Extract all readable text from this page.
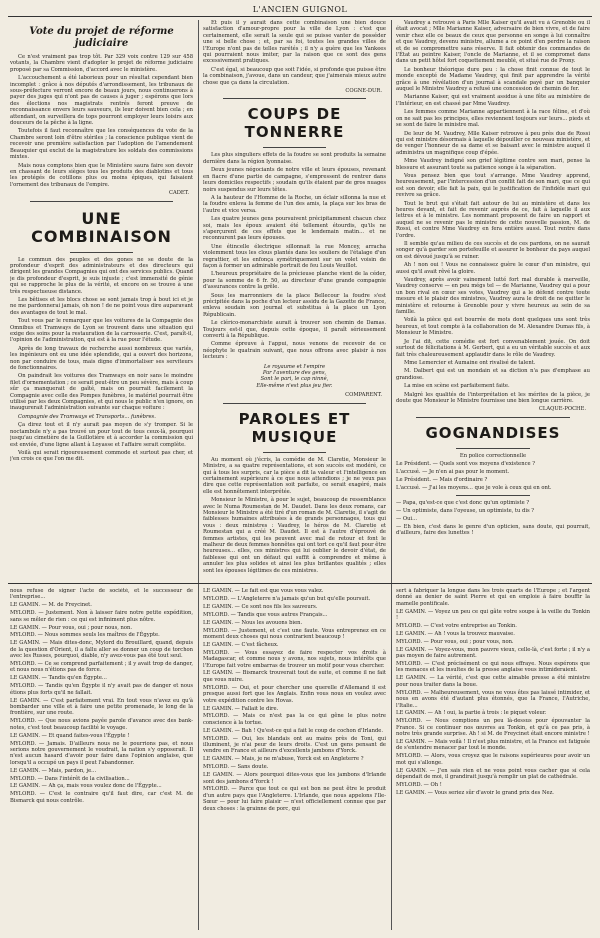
L'ANCIEN GUIGNOL
Vote du projet de réforme judiciaire

Ce n'est vraiment pas trop tôt. Par 329 voix contre 129 sur 458 votants, la Chambre vient d'adopter le projet de réforme judiciaire proposé par sa Commission, d'accord avec le ministère.

L'accouchement a été laborieux pour un résultat cependant bien incomplet : grâce à nos députés d'arrondissement, les tribunaux de sous-préfecture verront encore de beaux jours, nous continuerons à payer des juges qui n'ont pas de causes à juger ; espérons que lors des élections nos magistrats rentrés feront preuve de reconnaissance envers leurs sauveurs, ils leur doivent bien cela ; en attendant, on surveillera de tops pourront employer leurs loisirs aux douceurs de la pêche à la ligne.

Toutefois il faut reconnaître que les conséquences du vote de la Chambre seront loin d'être stériles ; la conscience publique vient de recevoir une première satisfaction par l'adoption de l'amendement Beauquier qui exclut de la magistrature les soldats des commissions mixtes.

Mais nous comptons bien que le Ministère saura faire son devoir en chassant de leurs sièges tous les produits des diablotins et tous les protégés de cotillons plus ou moins épiques, qui faisaient l'ornement des tribunaux de l'empire.

CADET.
UNE COMBINAISON

Le commun des peuples et des gones ne se doute de la profondeur d'esprit des administrateurs et des directeurs qui dirigent les grandes Compagnies qui ont des services publics. Quand je dis profondeur d'esprit, je suis injuste ; c'est immensité de génie qui se rapproche le plus de la vérité, et encore on se trouve à une très respectueuse distance.

Les bêtises et les blocs chose se sont jamais trop à bout ici et je ne me pardonnerai jamais, oh non ! de ne point vous dire auparavant des avantages de tout le mal.

Tout vous par le remarquer que les voitures de la Compagnie des Omnibus et Tramways de Lyon se trouvent dans une situation qui exige des soins pour la restauration de la carrosserie. C'est, paraît-il, l'opinion de l'administration, qui est à la rue pour l'étude.

Après de long travaux de recherche aussi nombreux que variés, les ingénieurs ont eu une idée splendide, qui a ouvert des horizons, non par conduire de tous, mais digne d'immortaliser ses serviteurs de fonctionnaires.

On paindrait les voitures des Tramways en noir sans le moindre filet d'ornementation ; ce serait peut-être un peu sévère, mais à coup sûr ça manquerait de gaîté, mais on pourrait facilement la Compagnie avec celle des Pompes funèbres, le matériel pourrait être utilisé par les deux Compagnies, et qui nous le public n'en ignore, on inaugurerait l'administration suivante sur chaque voiture :

Compagnie des Tramways et Transports... funèbres.

Ça direz tout et il n'y aurait pas moyen de s'y tromper. Si le noctambule n'y a pas trouvé un pour tout de tous ceux-là, pourquoi jusqu'au cimetière de la Guillotière et à accorder la commission qui est enviée, d'une ligne allant à Loyasse et l'affaire serait complète.

Voilà qui serait rigoureusement commode et surtout pas cher, et j'en crois ce que l'on me dit.

Et puis il y aurait dans cette combinaison une bien douce satisfaction d'amour-propre pour la ville de Lyon : c'est que certainement, elle serait la seule qui se puisse vanter de posséder une si belle chose ; et, par sa foi, toutes les grandes villes de l'Europe n'ont pas de telles rarétés ; il n'y a guère que les Yankees qui pourraient nous imiter, par la raison que ce sont des gens excessivement pratiques.

C'est égal, si beaucoup que soit l'idée, si profonde que puisse être la combinaison, j'avoue, dans un candeur, que j'aimerais mieux autre chose que ça dans la circulation.

COGNE-DUR.
COUPS DE TONNERRE

Les plus singuliers effets de la foudre se sont produits la semaine dernière dans la région lyonnaise.

Deux jeunes négociants de notre ville et leurs épouses, revenant en fiacre d'une partie de campagne, s'empressent de rentrer dans leurs domiciles respectifs ; soudain qu'ils étaient par de gros nuages noirs suspendus sur leurs têtes.

A la hauteur de l'Homme de la Roche, un éclair sillonna la nue et la foudre enleva la femme de l'un des amis, la plaça sur les bras de l'autre et vice versa.

Les quatre jeunes gens poursuivent précipitamment chacun chez soi, mais les époux avaient été tellement étourdis, qu'ils ne s'aperçurent de ces effets que le lendemain matin... et ne reconnurent pas leurs épouses.

Une étincelle électrique sillonnait la rue Moncey, arracha violemment tous les clous plantés dans les souliers de l'étalage d'un regrattier, et les enfonça symétriquement sur un volet voisin de façon à former un admirable portrait de feu Louis Veuillot.

L'heureux propriétaire de la précieuse planche vient de la céder, pour la somme de 6 fr. 50, au directeur d'une grande compagnie d'assurances contre la grêle.

Sous les marronniers de la place Bellecour la foudre s'est précipitée dans la poche d'un lecteur assidu de la Gazette de France, enleva soudain son journal et substitua à la place un Lyon Républicain.

Le clérico-monarchiste aurait à trouver son chemin de Damas. Toujours est-il que, depuis cette époque, il paraît sérieusement converti à la République.

Comme épreuve à l'appui, nous venons de recevoir de ce néophyte le quatrain suivant, que nous offrons avec plaisir à nos lecteurs :

Le royaume et l'empire
Par l'aventure des gens,
Sont le pari, le cap ninné,
Elle-même n'est plus jeu fier.
COMPARENT.
PAROLES ET MUSIQUE

Au moment où j'écris, la comédie de M. Claretie, Monsieur le Ministre, a sa quatre représentations, et son succès est modéré, ce qui à tous les surpris, car la pièce a dit la valeur et l'intelligence en certainement supérieure à ce que nous attendions ; je ne veux pas dire que cette représentation soit parfaite, ce serait exagéré, mais elle est honnêtement interprétée.

Monsieur le Ministre, à pour le sujet, beaucoup de ressemblance avec le Numa Roumestan de M. Daudet. Dans les deux romans, car Monsieur le Ministre a été tiré d'un roman de M. Claretie, il s'agit de faiblesses humaines attribuées à de grands personnages, tous qui vous : deux ministres : Vaudrey, le héros de M. Claretie et Roumestan qui a créé M. Daudet. Il est à l'autre d'éprouvé de femmes artistes, qui les peuvent avec mal de retour et font le malheur de deux femmes honnêtes qui ont tort ce qu'il faut pour être heureuses... elles, ces ministres qui lui oublier le devoir d'état, de faiblesse qui ont un défaut qui suffit à comprendre et même à annuler les plus solides et ainsi les plus brillantes qualités ; elles sont les épouses légitimes de ces ministres.

Vaudrey a retrouvé à Paris Mlle Kaiser qu'il avait vu à Grenoble ou il était avocat ; Mlle Marianne Kaiser, adversaire de bien vivre, et de faire venir chez elle ce beaux de ceux que personne en songe à lui connaître et que Vaudrey, devenu ministre, allume a ce point d'en perdre la raison et de se compromettre sans réserve. Il fait obtenir des commandes de l'État au peintre Kaiser, l'oncle de Marianne, et il se compromet dans dans un petit hôtel fort coquettement meublé, et situé rue de Prony.

Le bonheur théorique dure peu : la chose finit connue de tout le monde excepté de Madame Vaudrey, qui finit par apprendre la vérité grâce à une révélation d'un journal à scandale payé par un banquier auquel le Ministre Vaudrey a refusé une concession de chemin de fer.

Marianne Kaiser, qui est vraiment assidue à une fête au ministère de l'Intérieur, en est chassé par Mme Vaudrey.

Les femmes comme Marianne appartiennent à la race féline, et d'où on ne sait pas les principes, elles reviennent toujours sur leurs... pieds et se sont de faire le ministre mal.

De leur de M. Vaudrey, Mlle Kaiser retrouve à peu près due de Rossi qui est ministre désormais à laquelle dépouiller ce nouveau ministère, et de venger l'honneur de sa dame et se baisant avec le ministre auquel il administra un magnifique coup d'épée.

Mme Vaudrey indigné son grief légitime contre son mari, pense la blessure et assurant toute sa patience songe à la séparation.

Vous pensez bien que tout s'arrange. Mme Vaudrey apprend, heureusement, par l'intercession d'un conflit fait de son mari, que ce qui est son devoir, elle fait la paix, qui le justification de l'infidèle mari qui revivre sa grâce.

Tout le brut qui s'était fait autour de lui au ministère et dans les heures devant, et fait de revenir auprès de ce, fait à laquelle il aux lettres et à le ministre. Les nommant proposent de faire un rapport et auquel ne se revenir pas le ministre de cette nouvelle passion, M. de Rossi, et contre Mme Vaudrey en fera entière aussi. Tout rentre dans l'ordre.

Il semble qu'au milieu de ces succès et de ces pardons, on ne saurait songer qu'à garder son portefeuille et assurer le bonheur du pays auquel on est dévoué jusqu'à se ruiner.

Ah ! non oui ! Vous ne connaissez guère le cœur d'un ministre, qui aussi qu'il avait rêvé la gloire.

Vaudrey, après avoir vainement lutté fort mal durable à merveille, Vaudrey conserve — en peu mégs tel — de Marianne, Vaudrey qui a pour un bon rival en cœur ses votes, Vaudrey qui a le défend contre toute mesure et le plaisir des ministres, Vaudrey aura le droit de ne quitter le ministère et retourne à Grenoble pour y vivre heureux au sein de sa famille.

Voilà la pièce qui est bourrée de mots dont quelques uns sont très heureux, et tout compte à la collaboration de M. Alexandre Dumas fils, à Monsieur le Ministre.

Je l'ai dit, cette comédie est fort convenablement jouée. On doit surtout de félicitations à M. Gerbert, qui a eu un véritable succès et aux fait très chaleureusement applaudir dans le rôle de Vaudrey.

Mme Lemercier et Aumaine ont rivalisé de talent.

M. Dalbert qui est un mondain et sa diction n'a pas d'emphase au grandiose.

La mise en scène est parfaitement faite.

Malgré les qualités de l'interprétation et les mérites de la pièce, je doute que Monsieur le Ministre fournisse une bien longue carrière.

CLAQUE-POCHE.
GOGNANDISES
En police correctionnelle

Le Président. — Quels sont vos moyens d'existence ?

L'accusé. — Je n'en ai pas pour le moment.

Le Président. — Mais d'ordinaire ?

L'accusé. — J'ai les moyens... que je vole à ceux qui en ont.

— Papa, qu'est-ce que c'est donc qu'un optimiste ?

— Un optimiste, dans l'oyeuse, un optimiste, tu dis ?

— Oui...

— Eh bien, c'est dans le genre d'un opticien, sans doute, qui pourrait, d'ailleurs, faire des lunettes !

nous refuse de signer l'acte de société, et le successeur de l'entreprise...

LE GAMIN. — M. de Freycinet.

MYLORD. — Justement. Non à laisser faire notre petite expédition, sans se mêler de rien : ce qui est infiniment plus nôtre.

LE GAMIN. — Pour vous, oui ; pour nous, non.

MYLORD. — Nous sommes seuls les maîtres de l'Égypte.

LE GAMIN. — Mais dites-donc, Mylord du Brouillard, quand, depuis de la question d'Orient, il a fallu aller se donner un coup de torchon avec les Russes, pourquoi, diable, n'y avez-vous pas été tout seul.

MYLORD. — Ce se comprend parfaitement ; il y avait trop de danger, et nous nous n'étions pas de force.

LE GAMIN. — Tandis qu'en Égypte...

MYLORD. — Tandis qu'en Égypte il n'y avait pas de danger et nous étions plus forts qu'il ne fallait.

LE GAMIN. — C'est parfaitement vrai. En tout vous n'avez eu qu'à bombarder une ville et à faire une petite promenade, le long de la frontière, sur une route.

MYLORD. — Que nous avions payée parole d'avance avec des bank-notes, c'est tout beaucoup facilité le voyage.

LE GAMIN. — Et quand faites-vous l'Égypte !

MYLORD. — Jamais. D'ailleurs nous ne le pourrions pas, et nous serions notre gouvernement le voudrait, la nation s'y opposerait. Il n'est aucun hasard d'avoir pour faire dans l'opinion anglaise, que lorsqu'il a occupé un pays il peut l'abandonner.

LE GAMIN. — Mais, pardon, je...

MYLORD. — Dans l'intérêt de la civilisation...

LE GAMIN. — Ah ça, mais vous voulez donc de l'Égypte...

MYLORD. — C'est le contraire qu'il faut dire, car c'est M. de Bismarck qui nous contrôle.

LE GAMIN. — Le fait est que vous vous valez.

MYLORD. — L'Angleterre n'a jamais qu'un but qu'elle poursuit.

LE GAMIN. — Ce sont nos fils les sauveurs.

MYLORD. — Tandis que vous autres Français...

LE GAMIN. — Nous les avouons bien.

MYLORD. — Justement, et c'est une faute. Vous entreprenez en ce moment deux choses qui nous contrarient beaucoup !

LE GAMIN. — C'est fâcheux.

MYLORD. — Vous essayez de faire respecter vos droits à Madagascar, et comme nous y avons, nos sujets, nous intérêts que l'Europe fait votre embarras de trouver un motif pour vous chercher.

LE GAMIN. — Bismarck trouverait tout de suite, et comme il ne fait que vous nuire.

MYLORD. — Oui, et pour chercher une querelle d'Allemand il est presque aussi fort que les Anglais. Enfin vous nous en voulez avec votre expédition contre les Hovas.

LE GAMIN. — Fallait le dire.

MYLORD. — Mais ce n'est pas la ce qui gêne le plus notre conscience à la tortue.

LE GAMIN. — Bah ! Qu'est-ce qui a fait le coup de cochon d'Irlande.

MYLORD. — Oui, les blandais ont au mains près de Toni, qui illuminent, je n'ai peur de leurs droits. C'est un gens pensant de vendre en France et ailleurs d'excellents jambons d'Yorck.

LE GAMIN. — Mais, je ne m'abuse, Yorck est en Angleterre ?

MYLORD. — Sans doute.

LE GAMIN. — Alors pourquoi dites-vous que les jambons d'Irlande sont des jambons d'Yorck !

MYLORD. — Parce que tout ce qui est bon ne peut être le produit d'un autre pays que l'Angleterre. L'Irlande, que nous appelons l'Ile-Sœur — pour lui faire plaisir — n'est officiellement connue que par deux choses : la grainne de porc, qui

sert à fabriquer la longue dans les trois quarts de l'Europe ; et l'argent donné au denier de saint Pierre et qui en emploie à faire bouffir la mamelle pontificale.

LE GAMIN. — Voyez un peu ce qui gâte votre soupe à la veille du Tonkin !

MYLORD. — C'est votre entreprise au Tonkin.

LE GAMIN. — Ah ! vous la trouvez mauvaise.

MYLORD. — Pour vous, oui ; pour vous, non.

LE GAMIN. — Voyez-vous, mon pauvre vieux, celle-là, c'est forte ; il n'y a pas moyen de faire autrement.

MYLORD. — C'est précisément ce qui nous effraye. Nous espérons que les menaces et les insultes de la presse anglaise vous intimideraient.

LE GAMIN. — La vérité, c'est que cette aimable presse a été ministre pour nous traiter dans la boue.

MYLORD. — Malheureusement, vous ne vous êtes pas laissé intimider, et nous en avons été d'autant plus étonnés, que la France, l'Autriche, l'Italie...

LE GAMIN. — Ah ! oui, la partie à trois : le piquet voleur.

MYLORD. — Nous comptions un peu là-dessus pour épouvanter la France. Si ce continuer nos œuvres au Tonkin, et qu'à ce pas pris, à notre très grande surprise. Ah ! si M. de Freycinet était encore ministre !

LE GAMIN. — Mais voilà ! Il n'est plus ministre, et la France est fatiguée de s'entendre menacer par tout le monde.

MYLORD. — Alors, vous croyez que le raisons supérieures pour avoir un mot qui s'allonge.

LE GAMIN. — J'en sais rien et ne vous point vous cacher que si cela dépendait de moi, il grandirait jusqu'à remplir un plat de cathédrale.

MYLORD. — Oh !

LE GAMIN. — Vous seriez sûr d'avoir le grand prix des Nez.
